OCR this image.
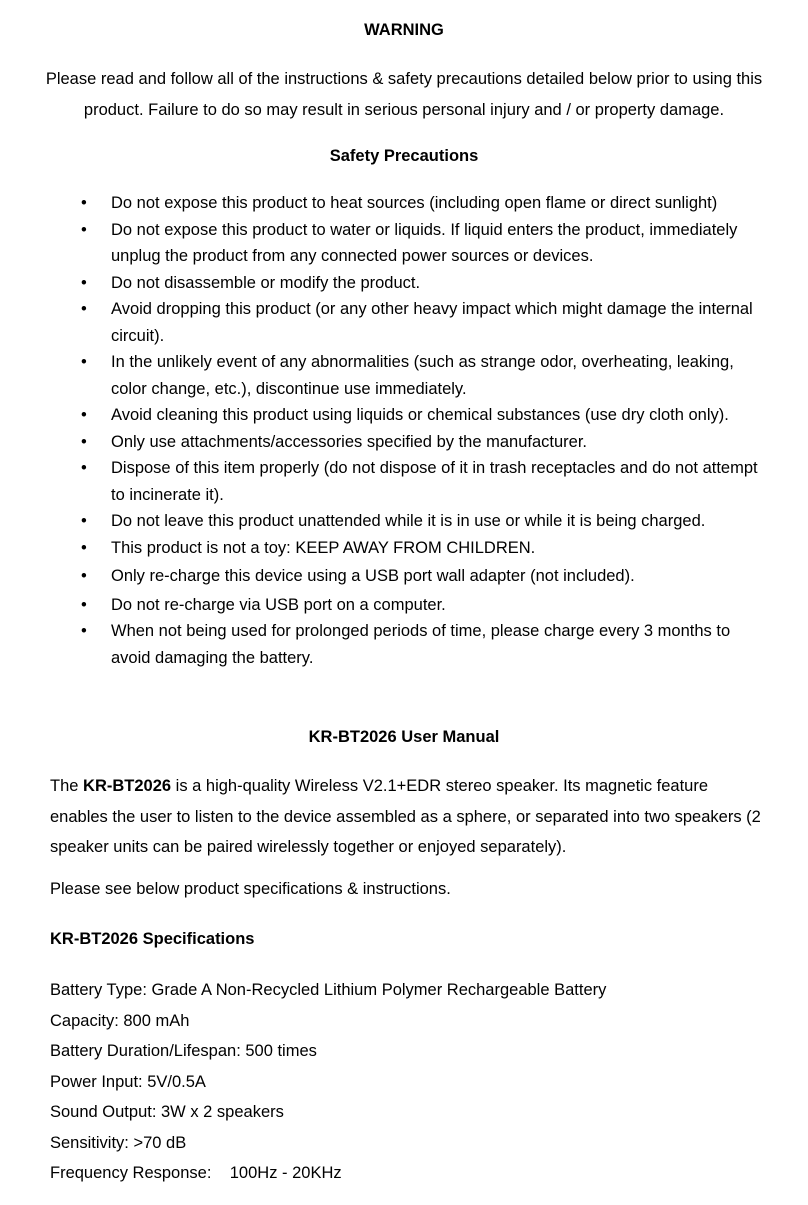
WARNING

Please read and follow all of the instructions & safety precautions detailed below prior to using this product. Failure to do so may result in serious personal injury and / or property damage.

Safety Precautions
• Do not expose this product to heat sources (including open flame or direct sunlight)
• Do not expose this product to water or liquids. If liquid enters the product, immediately unplug the product from any connected power sources or devices.
• Do not disassemble or modify the product.
• Avoid dropping this product (or any other heavy impact which might damage the internal circuit).
• In the unlikely event of any abnormalities (such as strange odor, overheating, leaking, color change, etc.), discontinue use immediately.
• Avoid cleaning this product using liquids or chemical substances (use dry cloth only).
• Only use attachments/accessories specified by the manufacturer.
• Dispose of this item properly (do not dispose of it in trash receptacles and do not attempt to incinerate it).
• Do not leave this product unattended while it is in use or while it is being charged.
• This product is not a toy: KEEP AWAY FROM CHILDREN.
• Only re-charge this device using a USB port wall adapter (not included).
• Do not re-charge via USB port on a computer.
• When not being used for prolonged periods of time, please charge every 3 months to avoid damaging the battery.
KR-BT2026 User Manual

The KR-BT2026 is a high-quality Wireless V2.1+EDR stereo speaker. Its magnetic feature enables the user to listen to the device assembled as a sphere, or separated into two speakers (2 speaker units can be paired wirelessly together or enjoyed separately).

Please see below product specifications & instructions.

KR-BT2026 Specifications

Battery Type: Grade A Non-Recycled Lithium Polymer Rechargeable Battery
Capacity: 800 mAh
Battery Duration/Lifespan: 500 times
Power Input: 5V/0.5A
Sound Output: 3W x 2 speakers
Sensitivity: >70 dB
Frequency Response:    100Hz - 20KHz
